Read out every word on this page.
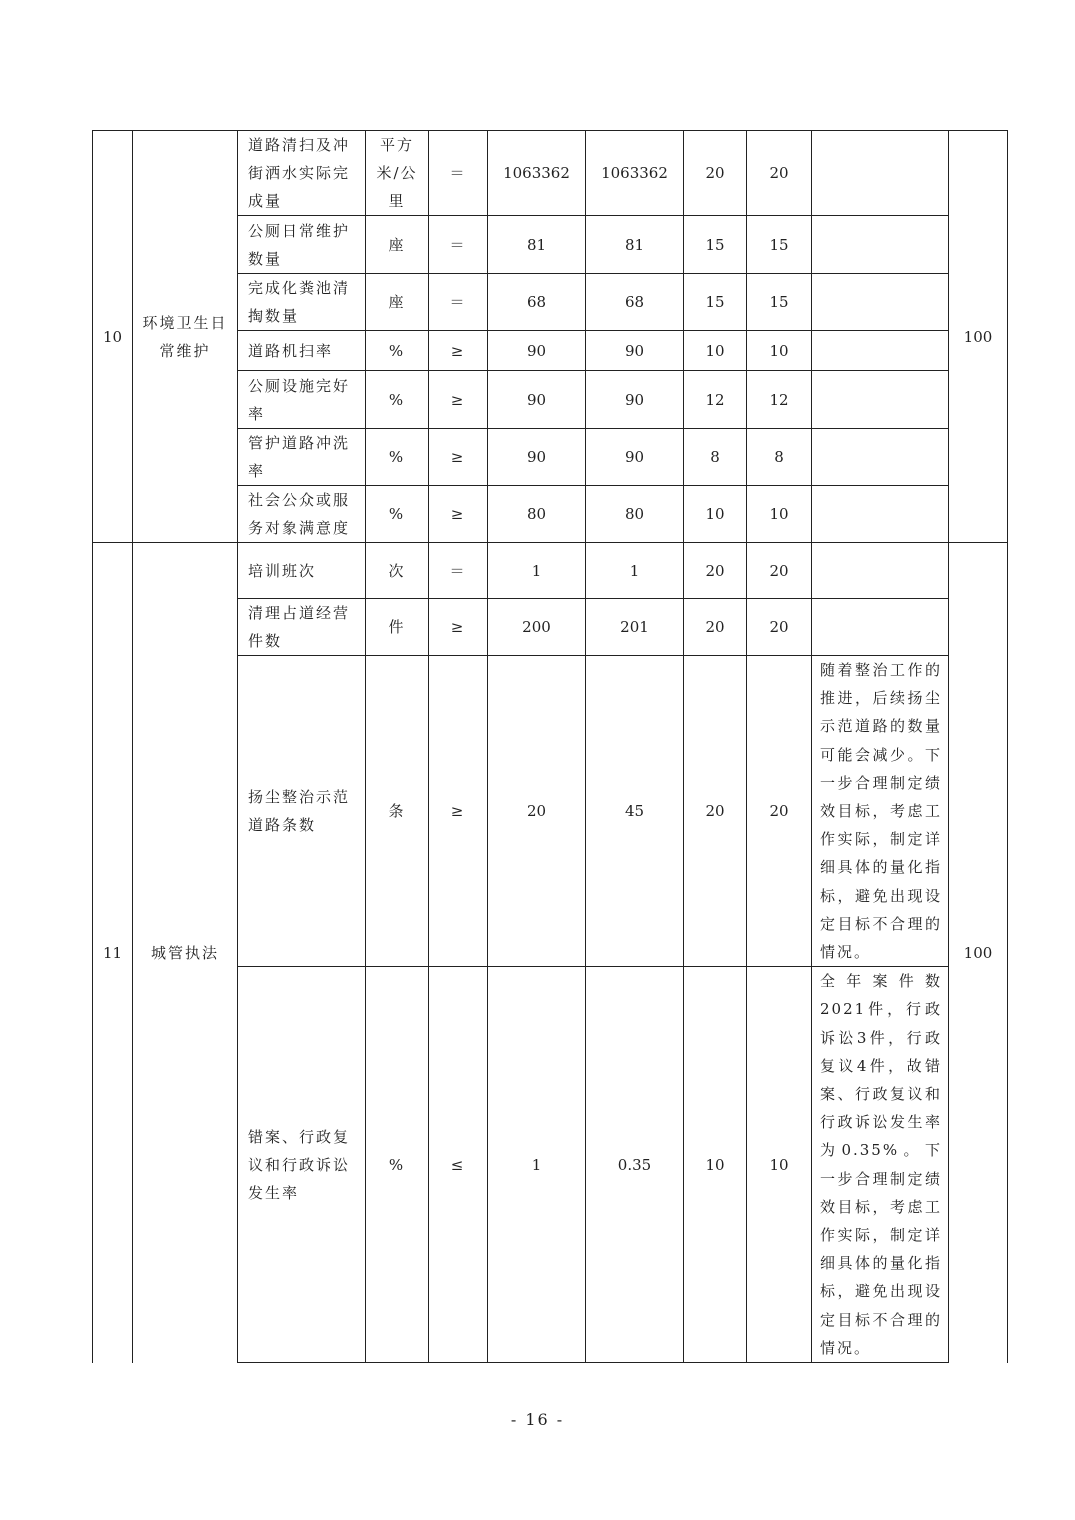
10	环境卫生日常维护	道路清扫及冲街洒水实际完成量	平方米/公里	＝	1063362	1063362	20	20		100
		公厕日常维护数量	座	＝	81	81	15	15		
		完成化粪池清掏数量	座	＝	68	68	15	15		
		道路机扫率	%	≥	90	90	10	10		
		公厕设施完好率	%	≥	90	90	12	12		
		管护道路冲洗率	%	≥	90	90	8	8		
		社会公众或服务对象满意度	%	≥	80	80	10	10		
11	城管执法	培训班次	次	＝	1	1	20	20		100
		清理占道经营件数	件	≥	200	201	20	20		
		扬尘整治示范道路条数	条	≥	20	45	20	20	随着整治工作的推进，后续扬尘示范道路的数量可能会减少。下一步合理制定绩效目标，考虑工作实际，制定详细具体的量化指标，避免出现设定目标不合理的情况。	
		错案、行政复议和行政诉讼发生率	%	≤	1	0.35	10	10	全年案件数2021件，行政诉讼3件，行政复议4件，故错案、行政复议和行政诉讼发生率为0.35%。下一步合理制定绩效目标，考虑工作实际，制定详细具体的量化指标，避免出现设定目标不合理的情况。	
- 16 -
